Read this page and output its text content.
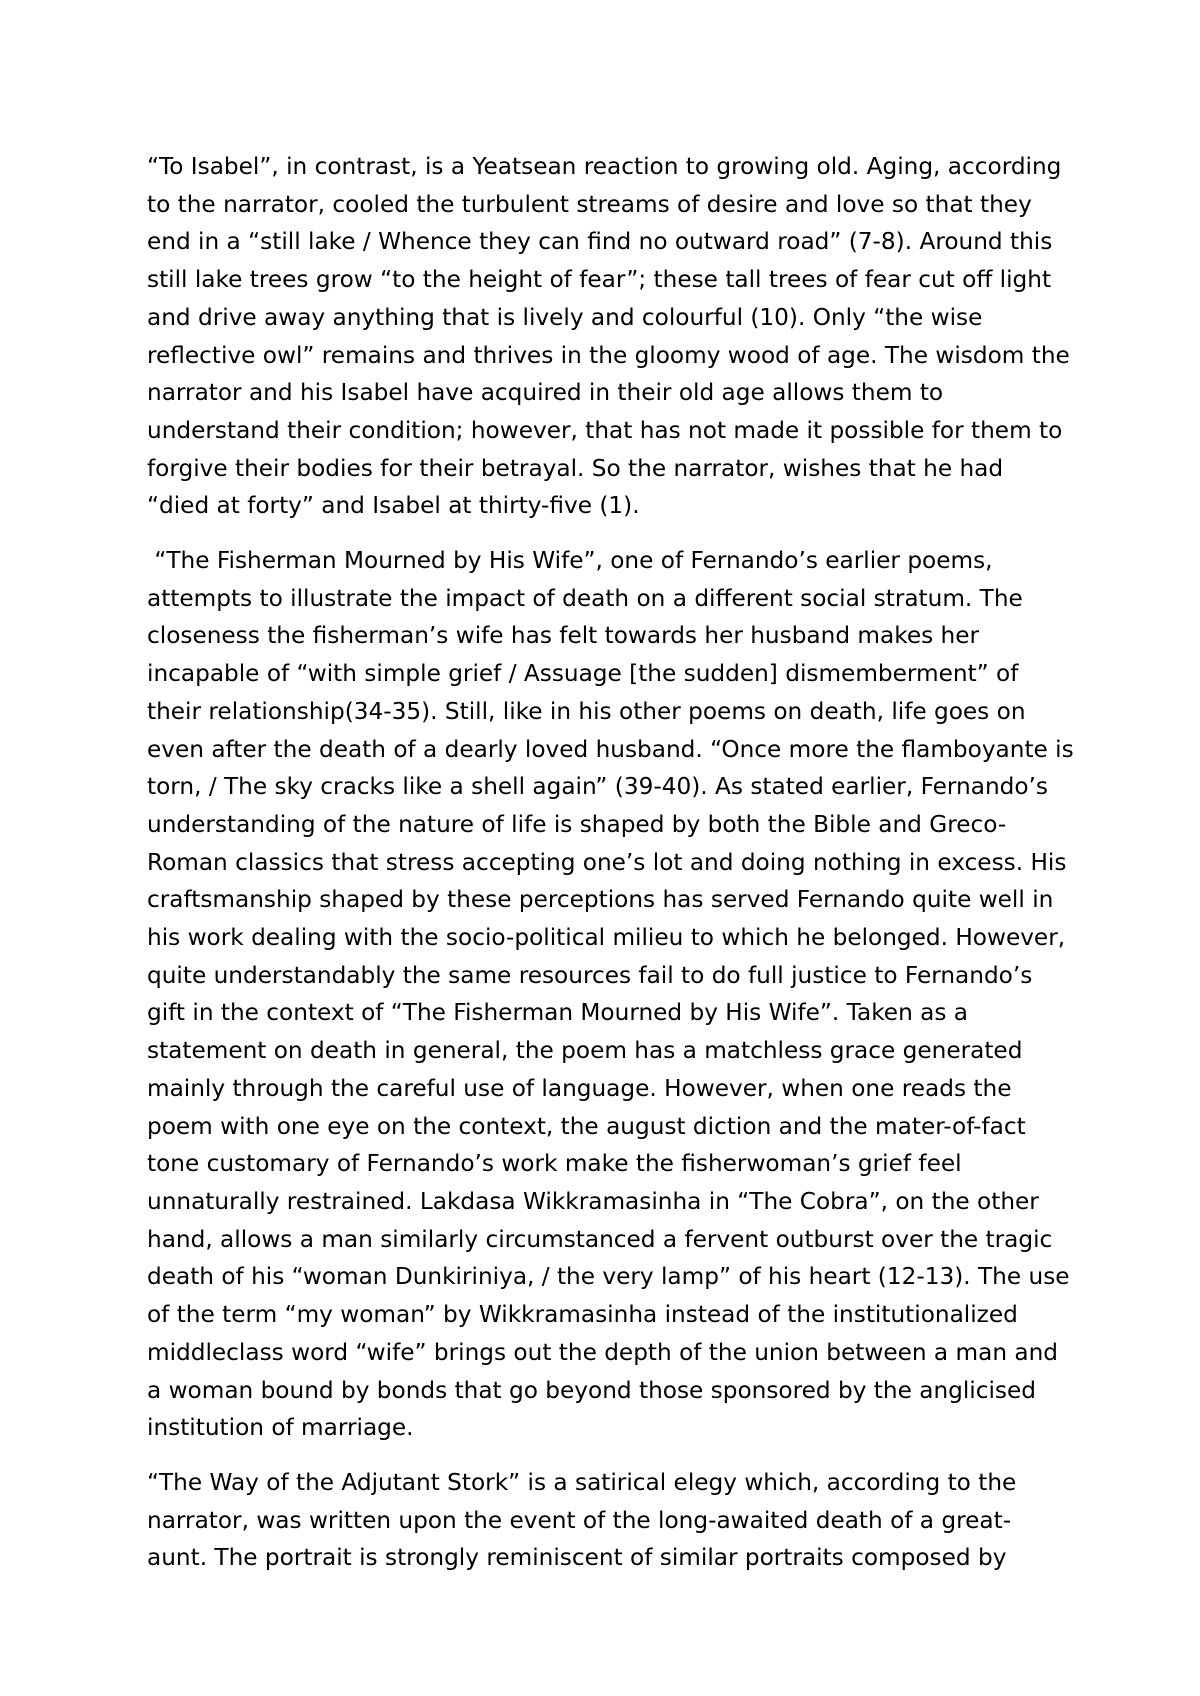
“To Isabel”, in contrast, is a Yeatsean reaction to growing old. Aging, according
to the narrator, cooled the turbulent streams of desire and love so that they
end in a “still lake / Whence they can find no outward road” (7-8). Around this
still lake trees grow “to the height of fear”; these tall trees of fear cut off light
and drive away anything that is lively and colourful (10). Only “the wise
reflective owl” remains and thrives in the gloomy wood of age. The wisdom the
narrator and his Isabel have acquired in their old age allows them to
understand their condition; however, that has not made it possible for them to
forgive their bodies for their betrayal. So the narrator, wishes that he had
“died at forty” and Isabel at thirty-five (1).

“The Fisherman Mourned by His Wife”, one of Fernando’s earlier poems,
attempts to illustrate the impact of death on a different social stratum. The
closeness the fisherman’s wife has felt towards her husband makes her
incapable of “with simple grief / Assuage [the sudden] dismemberment” of
their relationship(34-35). Still, like in his other poems on death, life goes on
even after the death of a dearly loved husband. “Once more the flamboyante is
torn, / The sky cracks like a shell again” (39-40). As stated earlier, Fernando’s
understanding of the nature of life is shaped by both the Bible and Greco-
Roman classics that stress accepting one’s lot and doing nothing in excess. His
craftsmanship shaped by these perceptions has served Fernando quite well in
his work dealing with the socio-political milieu to which he belonged. However,
quite understandably the same resources fail to do full justice to Fernando’s
gift in the context of “The Fisherman Mourned by His Wife”. Taken as a
statement on death in general, the poem has a matchless grace generated
mainly through the careful use of language. However, when one reads the
poem with one eye on the context, the august diction and the mater-of-fact
tone customary of Fernando’s work make the fisherwoman’s grief feel
unnaturally restrained. Lakdasa Wikkramasinha in “The Cobra”, on the other
hand, allows a man similarly circumstanced a fervent outburst over the tragic
death of his “woman Dunkiriniya, / the very lamp” of his heart (12-13). The use
of the term “my woman” by Wikkramasinha instead of the institutionalized
middleclass word “wife” brings out the depth of the union between a man and
a woman bound by bonds that go beyond those sponsored by the anglicised
institution of marriage.

“The Way of the Adjutant Stork” is a satirical elegy which, according to the
narrator, was written upon the event of the long-awaited death of a great-
aunt. The portrait is strongly reminiscent of similar portraits composed by
